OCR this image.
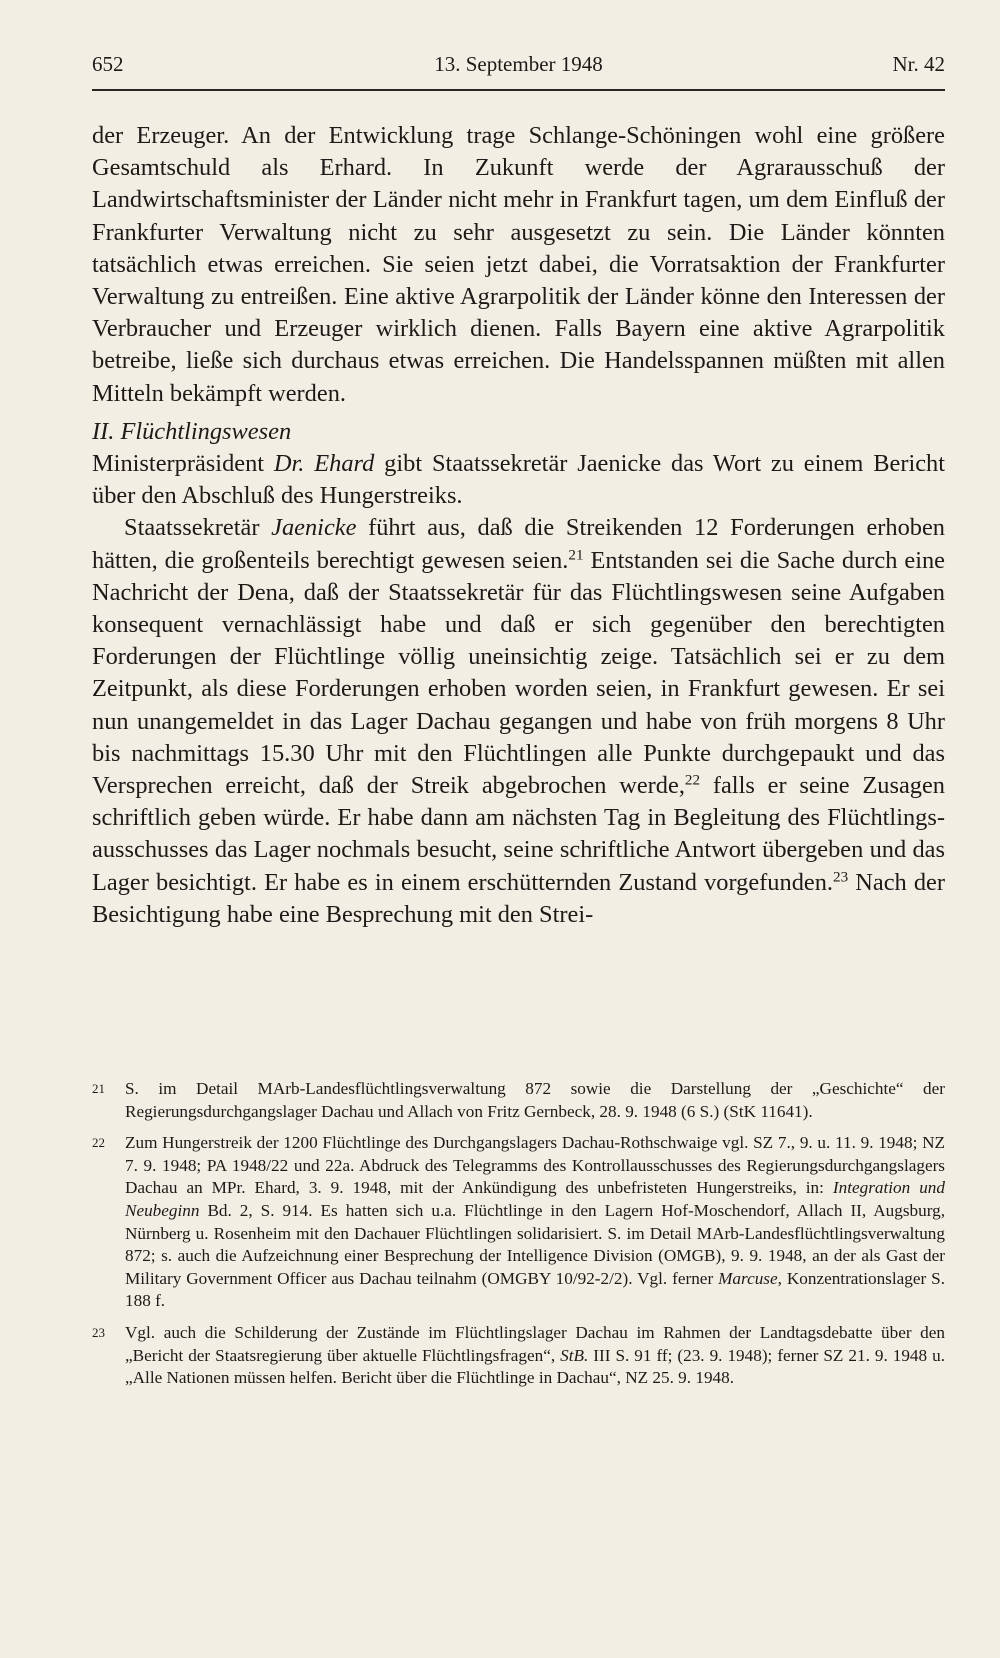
13. September 1948
652	Nr. 42

der Erzeuger. An der Entwicklung trage Schlange-Schöningen wohl eine größere Gesamtschuld als Erhard. In Zukunft werde der Agrarausschuß der Landwirtschaftsminister der Länder nicht mehr in Frankfurt tagen, um dem Einfluß der Frankfurter Verwaltung nicht zu sehr ausgesetzt zu sein. Die Länder könnten tatsächlich etwas erreichen. Sie seien jetzt dabei, die Vorratsaktion der Frankfurter Verwaltung zu entreißen. Eine aktive Agrarpolitik der Länder könne den Interessen der Verbraucher und Erzeuger wirklich dienen. Falls Bayern eine aktive Agrarpolitik betreibe, ließe sich durchaus etwas erreichen. Die Handelsspannen müßten mit allen Mitteln bekämpft werden.

II. Flüchtlingswesen

Ministerpräsident Dr. Ehard gibt Staatssekretär Jaenicke das Wort zu einem Bericht über den Abschluß des Hungerstreiks.

Staatssekretär Jaenicke führt aus, daß die Streikenden 12 Forderungen erhoben hätten, die großenteils berechtigt gewesen seien.$^{21}$ Entstanden sei die Sache durch eine Nachricht der Dena, daß der Staatssekretär für das Flüchtlingswesen seine Aufgaben konsequent vernachlässigt habe und daß er sich gegenüber den berechtigten Forderungen der Flüchtlinge völlig uneinsichtig zeige. Tatsächlich sei er zu dem Zeitpunkt, als diese Forderungen erhoben worden seien, in Frankfurt gewesen. Er sei nun unangemeldet in das Lager Dachau gegangen und habe von früh morgens 8 Uhr bis nachmittags 15.30 Uhr mit den Flüchtlingen alle Punkte durchgepaukt und das Versprechen erreicht, daß der Streik abgebrochen werde,$^{22}$ falls er seine Zusagen schriftlich geben würde. Er habe dann am nächsten Tag in Begleitung des Flüchtlingsausschusses das Lager nochmals besucht, seine schriftliche Antwort übergeben und das Lager besichtigt. Er habe es in einem erschütternden Zustand vorgefunden.$^{23}$ Nach der Besichtigung habe eine Besprechung mit den Strei-

21 S. im Detail MArb-Landesflüchtlingsverwaltung 872 sowie die Darstellung der „Geschichte“ der Regierungsdurchgangslager Dachau und Allach von Fritz Gernbeck, 28. 9. 1948 (6 S.) (StK 11641).
22 Zum Hungerstreik der 1200 Flüchtlinge des Durchgangslagers Dachau-Rothschwaige vgl. SZ 7., 9. u. 11. 9. 1948; NZ 7. 9. 1948; PA 1948/22 und 22a. Abdruck des Telegramms des Kontrollausschusses des Regierungsdurchgangslagers Dachau an MPr. Ehard, 3. 9. 1948, mit der Ankündigung des unbefristeten Hungerstreiks, in: Integration und Neubeginn Bd. 2, S. 914. Es hatten sich u.a. Flüchtlinge in den Lagern Hof-Moschendorf, Allach II, Augsburg, Nürnberg u. Rosenheim mit den Dachauer Flüchtlingen solidarisiert. S. im Detail MArb-Landesflüchtlingsverwaltung 872; s. auch die Aufzeichnung einer Besprechung der Intelligence Division (OMGB), 9. 9. 1948, an der als Gast der Military Government Officer aus Dachau teilnahm (OMGBY 10/92-2/2). Vgl. ferner Marcuse, Konzentrationslager S. 188 f.
23 Vgl. auch die Schilderung der Zustände im Flüchtlingslager Dachau im Rahmen der Landtagsdebatte über den „Bericht der Staatsregierung über aktuelle Flüchtlingsfragen“, StB. III S. 91 ff; (23. 9. 1948); ferner SZ 21. 9. 1948 u. „Alle Nationen müssen helfen. Bericht über die Flüchtlinge in Dachau“, NZ 25. 9. 1948.
